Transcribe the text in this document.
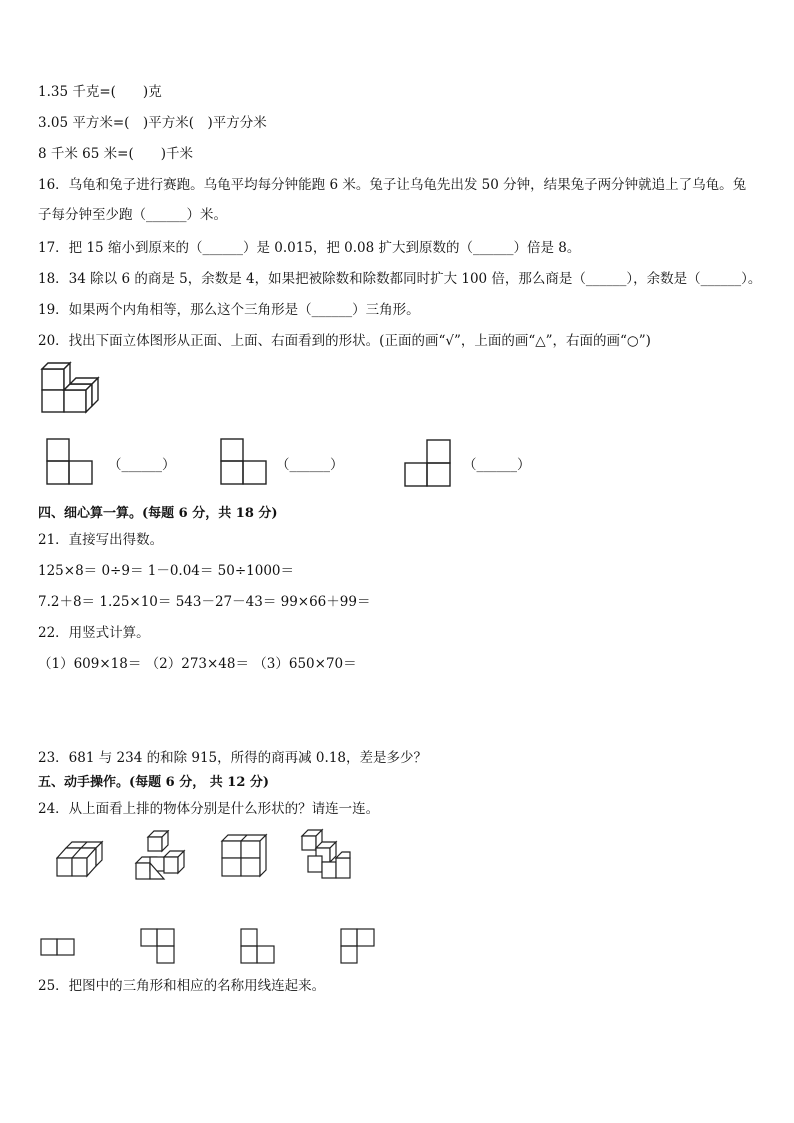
1.35 千克=(　　)克
3.05 平方米=(　)平方米(　)平方分米
8 千米 65 米=(　　)千米
16．乌龟和兔子进行赛跑。乌龟平均每分钟能跑 6 米。兔子让乌龟先出发 50 分钟，结果兔子两分钟就追上了乌龟。兔子每分钟至少跑（______）米。
17．把 15 缩小到原来的（______）是 0.015，把 0.08 扩大到原数的（______）倍是 8。
18．34 除以 6 的商是 5，余数是 4，如果把被除数和除数都同时扩大 100 倍，那么商是（______），余数是（______）。
19．如果两个内角相等，那么这个三角形是（______）三角形。
20．找出下面立体图形从正面、上面、右面看到的形状。(正面的画“√”，上面的画“△”，右面的画“○”)
（______）	（______）	（______）
四、细心算一算。(每题 6 分，共 18 分)
21．直接写出得数。
125×8＝ 0÷9＝ 1－0.04＝ 50÷1000＝
7.2＋8＝ 1.25×10＝ 543－27－43＝ 99×66＋99＝
22．用竖式计算。
（1）609×18＝ （2）273×48＝ （3）650×70＝
23．681 与 234 的和除 915，所得的商再减 0.18，差是多少？
五、动手操作。(每题 6 分， 共 12 分)
24．从上面看上排的物体分别是什么形状的？请连一连。
25．把图中的三角形和相应的名称用线连起来。
